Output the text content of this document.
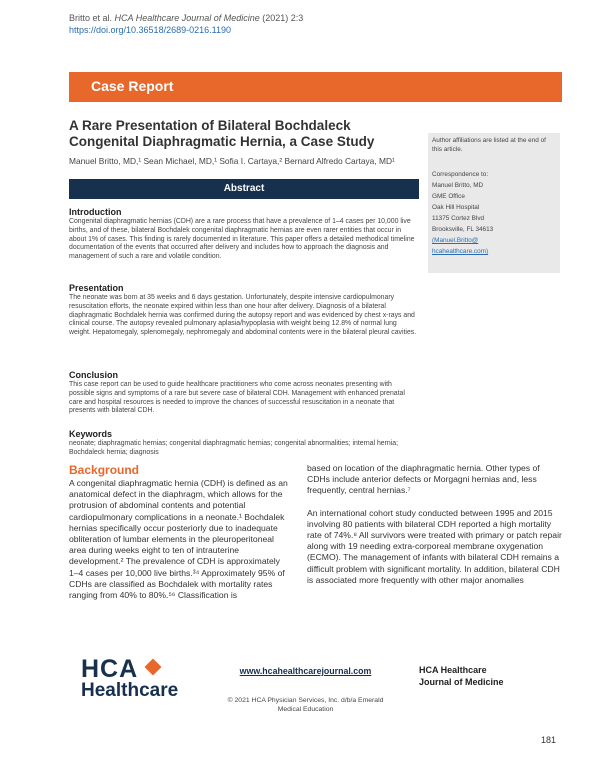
Britto et al. HCA Healthcare Journal of Medicine (2021) 2:3
https://doi.org/10.36518/2689-0216.1190
Case Report
A Rare Presentation of Bilateral Bochdaleck Congenital Diaphragmatic Hernia, a Case Study
Manuel Britto, MD,¹ Sean Michael, MD,¹ Sofia I. Cartaya,² Bernard Alfredo Cartaya, MD¹
Abstract
Introduction

Congenital diaphragmatic hernias (CDH) are a rare process that have a prevalence of 1–4 cases per 10,000 live births, and of these, bilateral Bochdalek congenital diaphragmatic hernias are even rarer entities that occur in about 1% of cases. This finding is rarely documented in literature. This paper offers a detailed methodical timeline documentation of the events that occurred after delivery and includes how to approach the diagnosis and management of such a rare and volatile condition.

Presentation

The neonate was born at 35 weeks and 6 days gestation. Unfortunately, despite intensive cardiopulmonary resuscitation efforts, the neonate expired within less than one hour after delivery. Diagnosis of a bilateral diaphragmatic Bochdalek hernia was confirmed during the autopsy report and was evidenced by chest x-rays and clinical course. The autopsy revealed pulmonary aplasia/hypoplasia with weight being 12.8% of normal lung weight. Hepatomegaly, splenomegaly, nephromegaly and abdominal contents were in the bilateral pleural cavities.

Conclusion

This case report can be used to guide healthcare practitioners who come across neonates presenting with possible signs and symptoms of a rare but severe case of bilateral CDH. Management with enhanced prenatal care and hospital resources is needed to improve the chances of successful resuscitation in a neonate that presents with bilateral CDH.

Keywords

neonate; diaphragmatic hernias; congenital diaphragmatic hernias; congenital abnormalities; internal hernia; Bochdaleck hernia; diagnosis

Author affiliations are listed at the end of this article.
Correspondence to:
Manuel Britto, MD
GME Office
Oak Hill Hospital
11375 Cortez Blvd
Brooksville, FL 34613
(Manuel.Britto@
hcahealthcare.com)
Background
A congenital diaphragmatic hernia (CDH) is defined as an anatomical defect in the diaphragm, which allows for the protrusion of abdominal contents and potential cardiopulmonary complications in a neonate.¹ Bochdalek hernias specifically occur posteriorly due to inadequate obliteration of lumbar elements in the pleuroperitoneal area during weeks eight to ten of intrauterine development.² The prevalence of CDH is approximately 1–4 cases per 10,000 live births.³⁴ Approximately 95% of CDHs are classified as Bochdalek with mortality rates ranging from 40% to 80%.⁵⁶ Classification is

based on location of the diaphragmatic hernia. Other types of CDHs include anterior defects or Morgagni hernias and, less frequently, central hernias.⁷

An international cohort study conducted between 1995 and 2015 involving 80 patients with bilateral CDH reported a high mortality rate of 74%.⁸ All survivors were treated with primary or patch repair along with 19 needing extra-corporeal membrane oxygenation (ECMO). The management of infants with bilateral CDH remains a difficult problem with significant mortality. In addition, bilateral CDH is associated more frequently with other major anomalies

HCA
Healthcare
www.hcahealthcarejournal.com
© 2021 HCA Physician Services, Inc. d/b/a Emerald Medical Education
HCA Healthcare
Journal of Medicine
181
